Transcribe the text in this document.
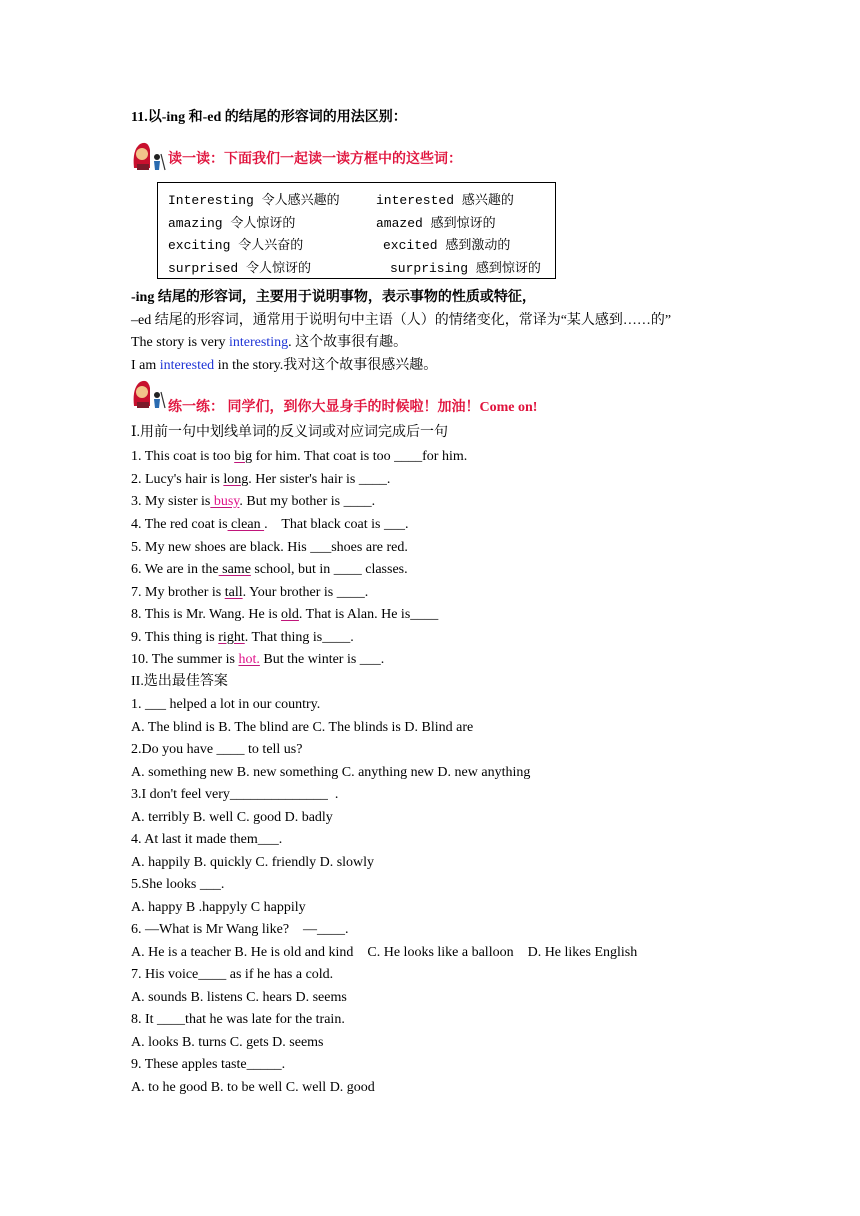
11.以-ing 和-ed 的结尾的形容词的用法区别：
读一读：下面我们一起读一读方框中的这些词：
Interesting 令人感兴趣的	interested 感兴趣的
amazing 令人惊讶的	amazed 感到惊讶的
exciting 令人兴奋的	excited 感到激动的
surprised 令人惊讶的	surprising 感到惊讶的
-ing 结尾的形容词，主要用于说明事物，表示事物的性质或特征，
–ed 结尾的形容词，通常用于说明句中主语（人）的情绪变化，常译为“某人感到……的”
The story is very interesting. 这个故事很有趣。
I am interested in the story.我对这个故事很感兴趣。
练一练： 同学们，到你大显身手的时候啦！加油！Come on!
Ⅰ.用前一句中划线单词的反义词或对应词完成后一句
1. This coat is too big for him. That coat is too ____for him.
2. Lucy's hair is long. Her sister's hair is ____.
3. My sister is busy. But my bother is ____.
4. The red coat is clean .    That black coat is ___.
5. My new shoes are black. His ___shoes are red.
6. We are in the same school, but in ____ classes.
7. My brother is tall. Your brother is ____.
8. This is Mr. Wang. He is old. That is Alan. He is____
9. This thing is right. That thing is____.
10. The summer is hot. But the winter is ___.
II.选出最佳答案
1. ___ helped a lot in our country.
A. The blind is B. The blind are C. The blinds is D. Blind are
2.Do you have ____ to tell us?
A. something new B. new something C. anything new D. new anything
3.I don't feel very______________  .
A. terribly B. well C. good D. badly
4. At last it made them___.
A. happily B. quickly C. friendly D. slowly
5.She looks ___.
A. happy B .happyly C happily
6. —What is Mr Wang like?    —____.
A. He is a teacher B. He is old and kind    C. He looks like a balloon    D. He likes English
7. His voice____ as if he has a cold.
A. sounds B. listens C. hears D. seems
8. It ____that he was late for the train.
A. looks B. turns C. gets D. seems
9. These apples taste_____.
A. to he good B. to be well C. well D. good
